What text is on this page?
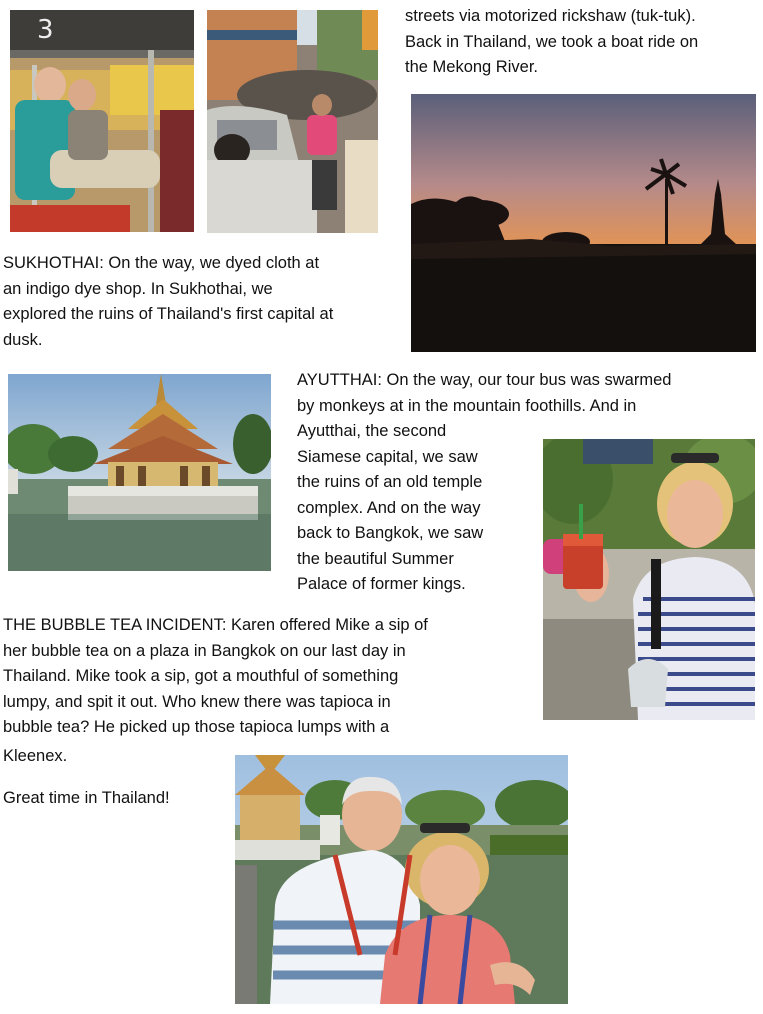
3	streets via motorized rickshaw (tuk-tuk).
Back in Thailand, we took a boat ride on
the Mekong River.
SUKHOTHAI: On the way, we dyed cloth at
an indigo dye shop. In Sukhothai, we
explored the ruins of Thailand's first capital at
dusk.
AYUTTHAI: On the way, our tour bus was swarmed
by monkeys at in the mountain foothills. And in
Ayutthai, the second
Siamese capital, we saw
the ruins of an old temple
complex. And on the way
back to Bangkok, we saw
the beautiful Summer
Palace of former kings.
THE BUBBLE TEA INCIDENT: Karen offered Mike a sip of
her bubble tea on a plaza in Bangkok on our last day in
Thailand. Mike took a sip, got a mouthful of something
lumpy, and spit it out. Who knew there was tapioca in
bubble tea? He picked up those tapioca lumps with a
Kleenex.
Great time in Thailand!
